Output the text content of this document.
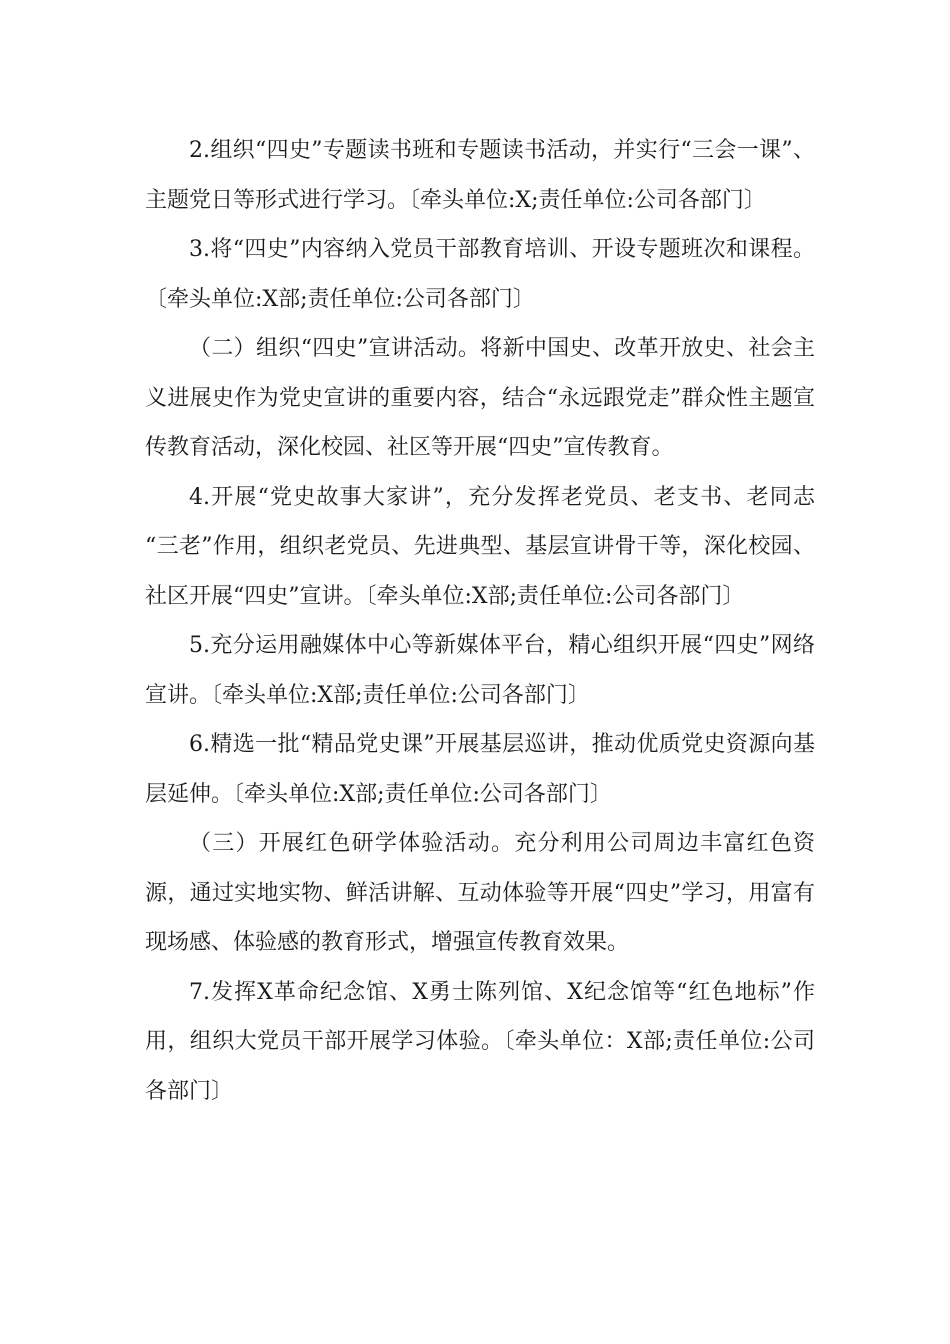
2.组织“四史”专题读书班和专题读书活动，并实行“三会一课”、主题党日等形式进行学习。〔牵头单位:X;责任单位:公司各部门〕

3.将“四史”内容纳入党员干部教育培训、开设专题班次和课程。〔牵头单位:X部;责任单位:公司各部门〕

（二）组织“四史”宣讲活动。将新中国史、改革开放史、社会主义进展史作为党史宣讲的重要内容，结合“永远跟党走”群众性主题宣传教育活动，深化校园、社区等开展“四史”宣传教育。

4.开展“党史故事大家讲”，充分发挥老党员、老支书、老同志 “三老”作用，组织老党员、先进典型、基层宣讲骨干等，深化校园、社区开展“四史”宣讲。〔牵头单位:X部;责任单位:公司各部门〕

5.充分运用融媒体中心等新媒体平台，精心组织开展“四史”网络宣讲。〔牵头单位:X部;责任单位:公司各部门〕

6.精选一批“精品党史课”开展基层巡讲，推动优质党史资源向基层延伸。〔牵头单位:X部;责任单位:公司各部门〕

（三）开展红色研学体验活动。充分利用公司周边丰富红色资源，通过实地实物、鲜活讲解、互动体验等开展“四史”学习，用富有现场感、体验感的教育形式，增强宣传教育效果。

7.发挥X革命纪念馆、X勇士陈列馆、X纪念馆等“红色地标”作用，组织大党员干部开展学习体验。〔牵头单位：X部;责任单位:公司各部门〕
